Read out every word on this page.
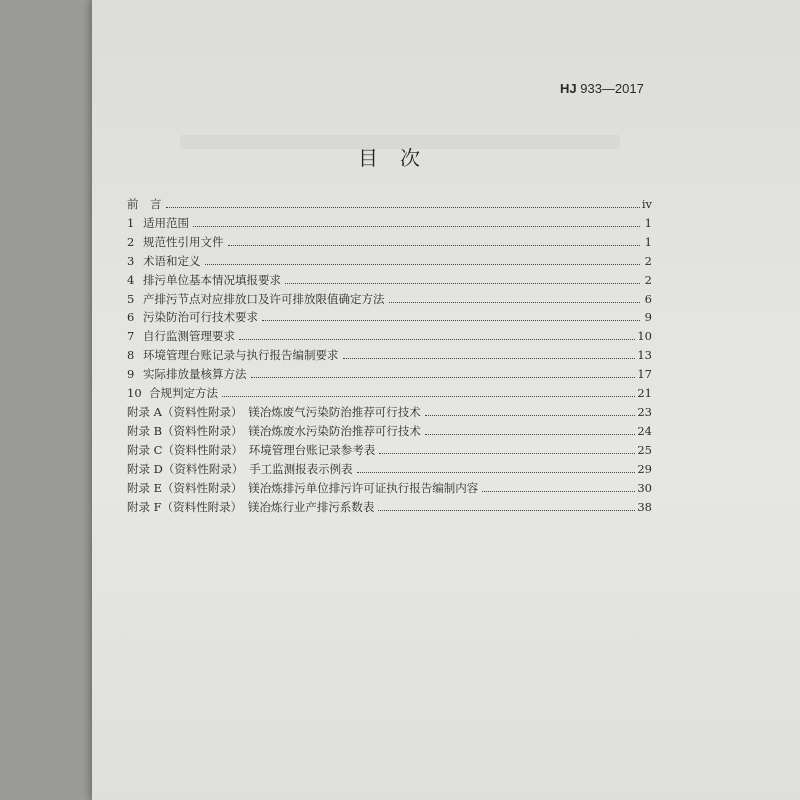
HJ 933—2017
目次
前　言	iv
1 适用范围	1
2 规范性引用文件	1
3 术语和定义	2
4 排污单位基本情况填报要求	2
5 产排污节点对应排放口及许可排放限值确定方法	6
6 污染防治可行技术要求	9
7 自行监测管理要求	10
8 环境管理台账记录与执行报告编制要求	13
9 实际排放量核算方法	17
10 合规判定方法	21
附录 A（资料性附录）　镁冶炼废气污染防治推荐可行技术	23
附录 B（资料性附录）　镁冶炼废水污染防治推荐可行技术	24
附录 C（资料性附录）　环境管理台账记录参考表	25
附录 D（资料性附录）　手工监测报表示例表	29
附录 E（资料性附录）　镁冶炼排污单位排污许可证执行报告编制内容	30
附录 F（资料性附录）　镁冶炼行业产排污系数表	38
